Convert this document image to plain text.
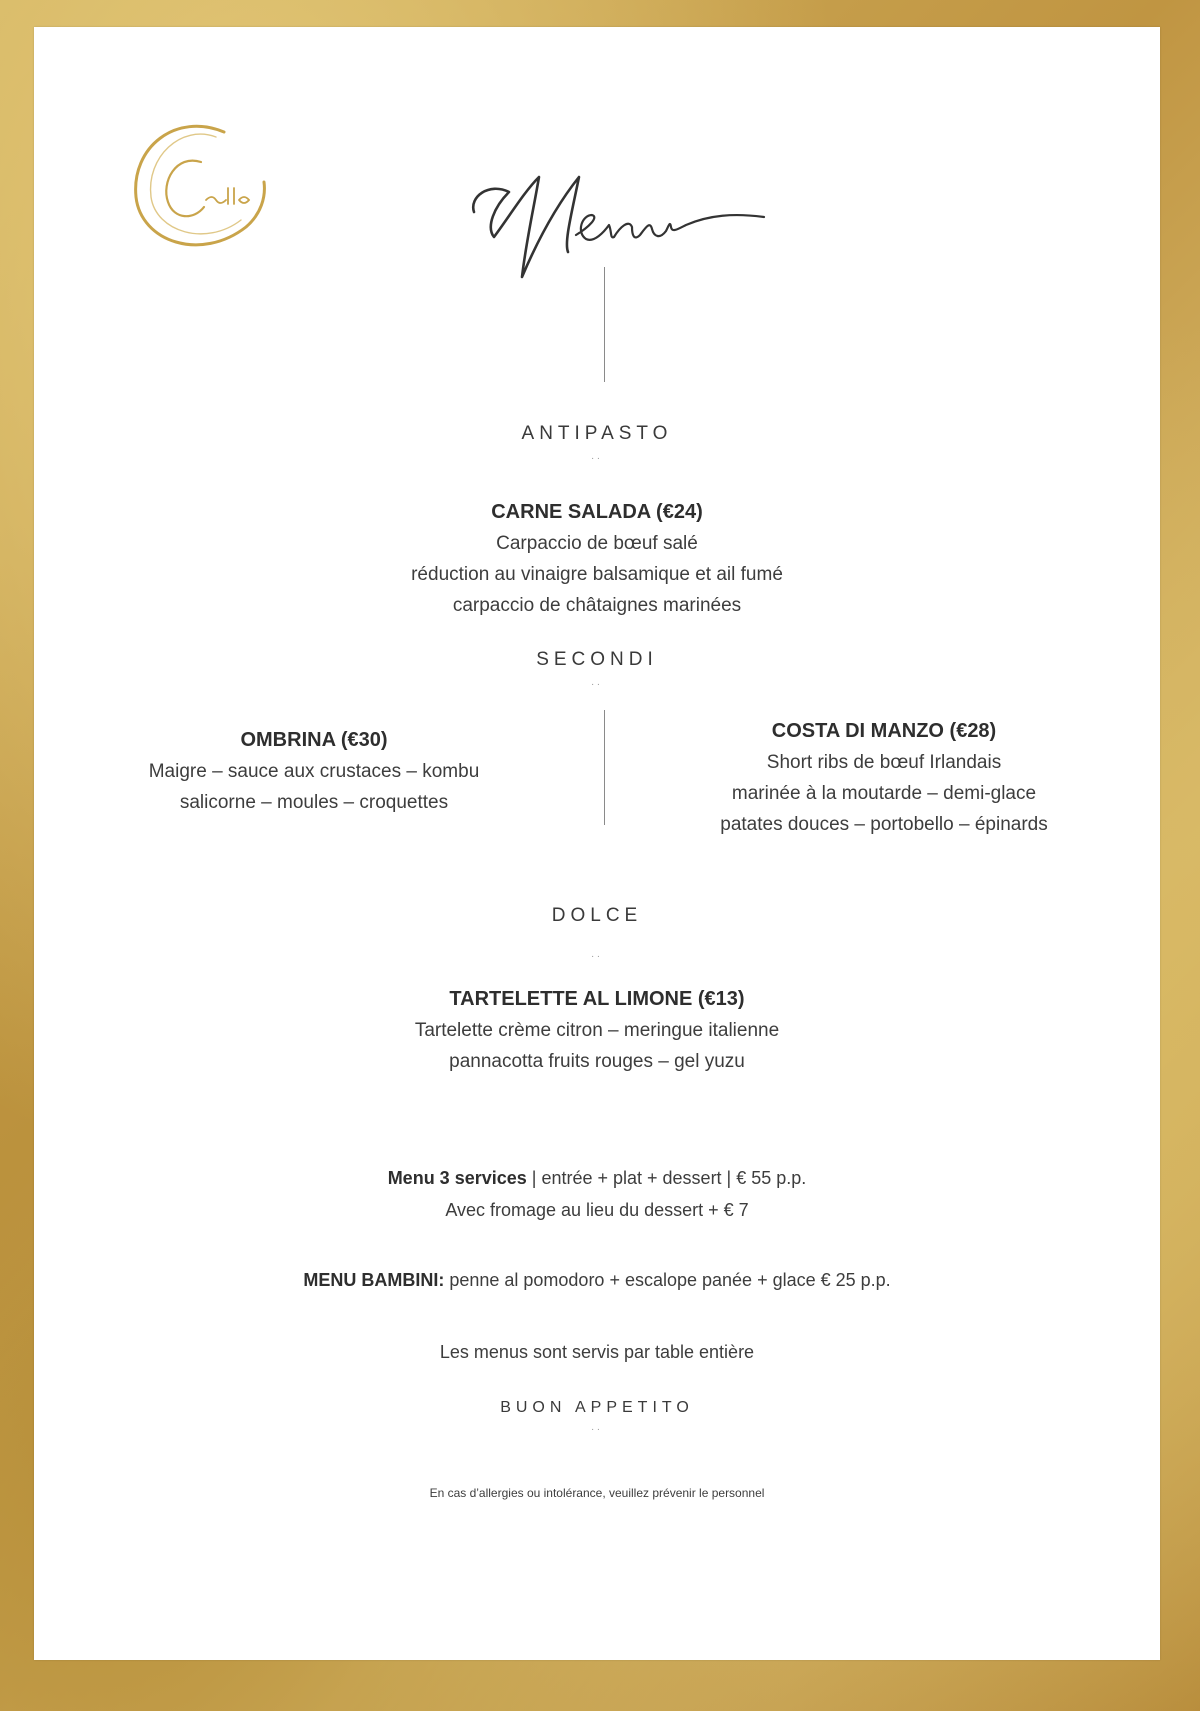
ANTIPASTO
..
CARNE SALADA (€24)
Carpaccio de bœuf salé
réduction au vinaigre balsamique et ail fumé
carpaccio de châtaignes marinées
SECONDI
..
OMBRINA (€30)
Maigre – sauce aux crustaces – kombu
salicorne – moules – croquettes
COSTA DI MANZO (€28)
Short ribs de bœuf Irlandais
marinée à la moutarde – demi-glace
patates douces – portobello – épinards
DOLCE
..
TARTELETTE AL LIMONE (€13)
Tartelette crème citron – meringue italienne
pannacotta fruits rouges – gel yuzu
Menu 3 services | entrée + plat + dessert | € 55 p.p.
Avec fromage au lieu du dessert + € 7
MENU BAMBINI: penne al pomodoro + escalope panée + glace € 25 p.p.
Les menus sont servis par table entière
BUON APPETITO
..
En cas d’allergies ou intolérance, veuillez prévenir le personnel
